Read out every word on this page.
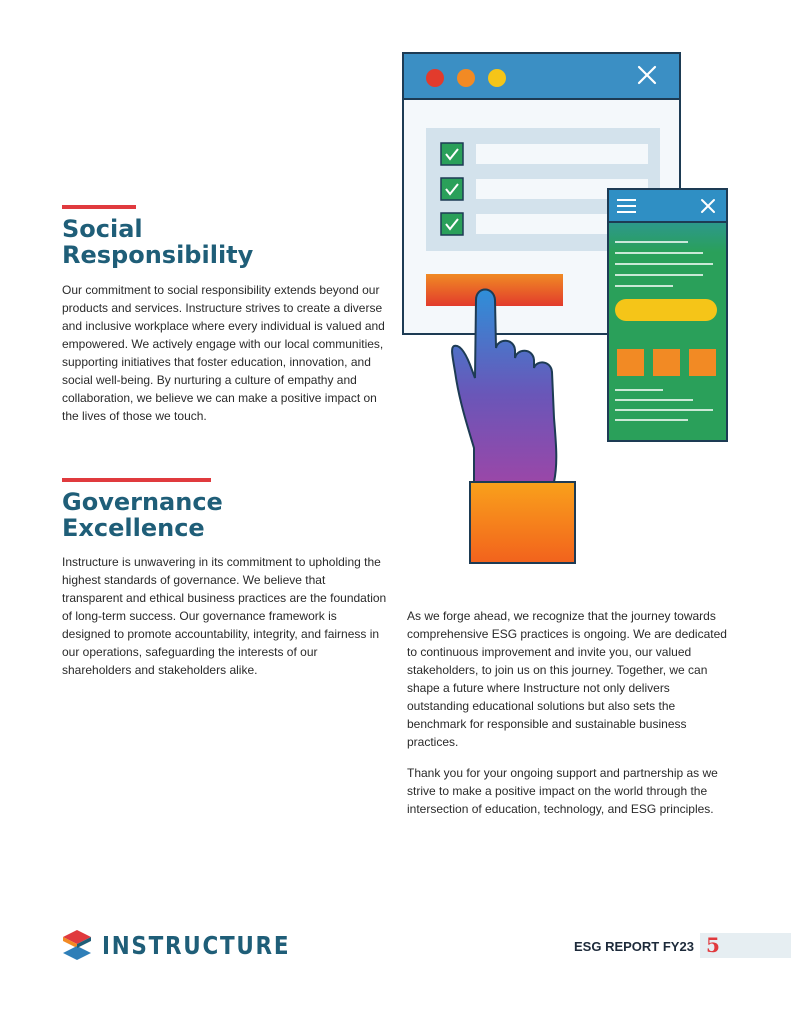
Social
Responsibility

Our commitment to social responsibility extends beyond our products and services. Instructure strives to create a diverse and inclusive workplace where every individual is valued and empowered. We actively engage with our local communities, supporting initiatives that foster education, innovation, and social well-being. By nurturing a culture of empathy and collaboration, we believe we can make a positive impact on the lives of those we touch.

Governance
Excellence

Instructure is unwavering in its commitment to upholding the highest standards of governance. We believe that transparent and ethical business practices are the foundation of long-term success. Our governance framework is designed to promote accountability, integrity, and fairness in our operations, safeguarding the interests of our shareholders and stakeholders alike.

As we forge ahead, we recognize that the journey towards comprehensive ESG practices is ongoing. We are dedicated to continuous improvement and invite you, our valued stakeholders, to join us on this journey. Together, we can shape a future where Instructure not only delivers outstanding educational solutions but also sets the benchmark for responsible and sustainable business practices.

Thank you for your ongoing support and partnership as we strive to make a positive impact on the world through the intersection of education, technology, and ESG principles.

INSTRUCTURE	ESG REPORT FY23 5
